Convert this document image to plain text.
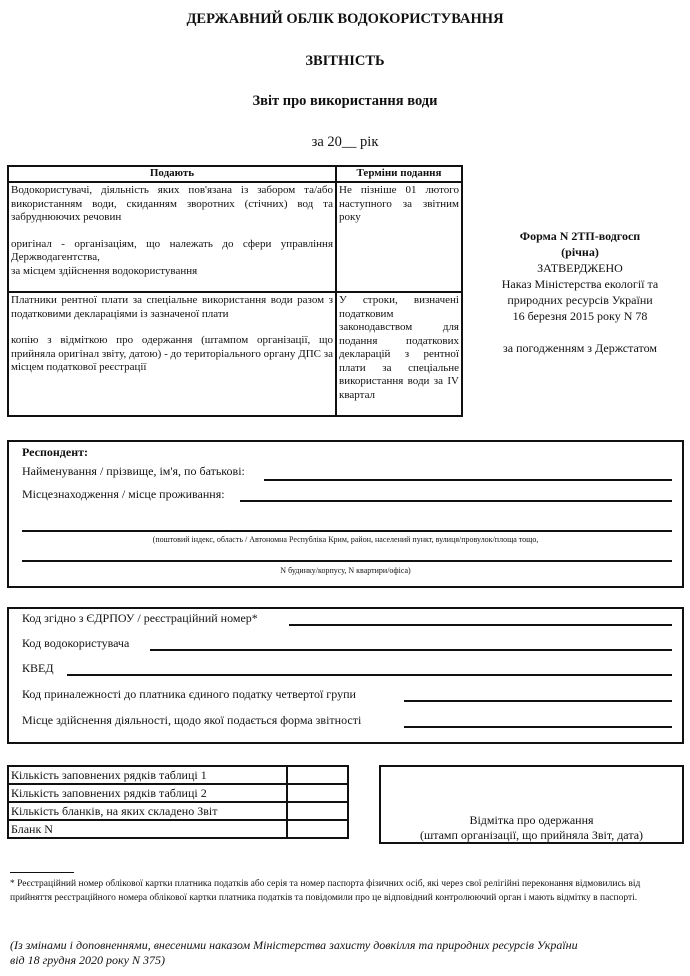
ДЕРЖАВНИЙ ОБЛІК ВОДОКОРИСТУВАННЯ
ЗВІТНІСТЬ
Звіт про використання води
за 20__ рік
Подають	Терміни подання

Водокористувачі, діяльність яких пов'язана із забором та/або використанням води, скиданням зворотних (стічних) вод та забруднюючих речовин
оригінал - організаціям, що належать до сфери управління Держводагентства,
за місцем здійснення водокористування	Не пізніше 01 лютого наступного за звітним року

Платники рентної плати за спеціальне використання води разом з податковими деклараціями із зазначеної плати
копію з відміткою про одержання (штампом організації, що прийняла оригінал звіту, датою) - до територіального органу ДПС за місцем податкової реєстрації	У строки, визначені податковим законодавством для подання податкових декларацій з рентної плати за спеціальне використання води за IV квартал
Форма N 2ТП-водгосп
(річна)
ЗАТВЕРДЖЕНО
Наказ Міністерства екології та
природних ресурсів України
16 березня 2015 року N 78
за погодженням з Держстатом
Респондент:
Найменування / прізвище, ім'я, по батькові:
Місцезнаходження / місце проживання:
(поштовий індекс, область / Автономна Республіка Крим, район, населений пункт, вулиця/провулок/площа тощо,
N будинку/корпусу, N квартири/офіса)
Код згідно з ЄДРПОУ / реєстраційний номер*
Код водокористувача
КВЕД
Код приналежності до платника єдиного податку четвертої групи
Місце здійснення діяльності, щодо якої подається форма звітності
Кількість заповнених рядків таблиці 1	
Кількість заповнених рядків таблиці 2	
Кількість бланків, на яких складено Звіт	
Бланк N	
Відмітка про одержання
(штамп організації, що прийняла Звіт, дата)
* Реєстраційний номер облікової картки платника податків або серія та номер паспорта фізичних осіб, які через свої релігійні переконання відмовились від прийняття реєстраційного номера облікової картки платника податків та повідомили про це відповідний контролюючий орган і мають відмітку в паспорті.
(Із змінами і доповненнями, внесеними наказом Міністерства захисту довкілля та природних ресурсів України
від 18 грудня 2020 року N 375)
